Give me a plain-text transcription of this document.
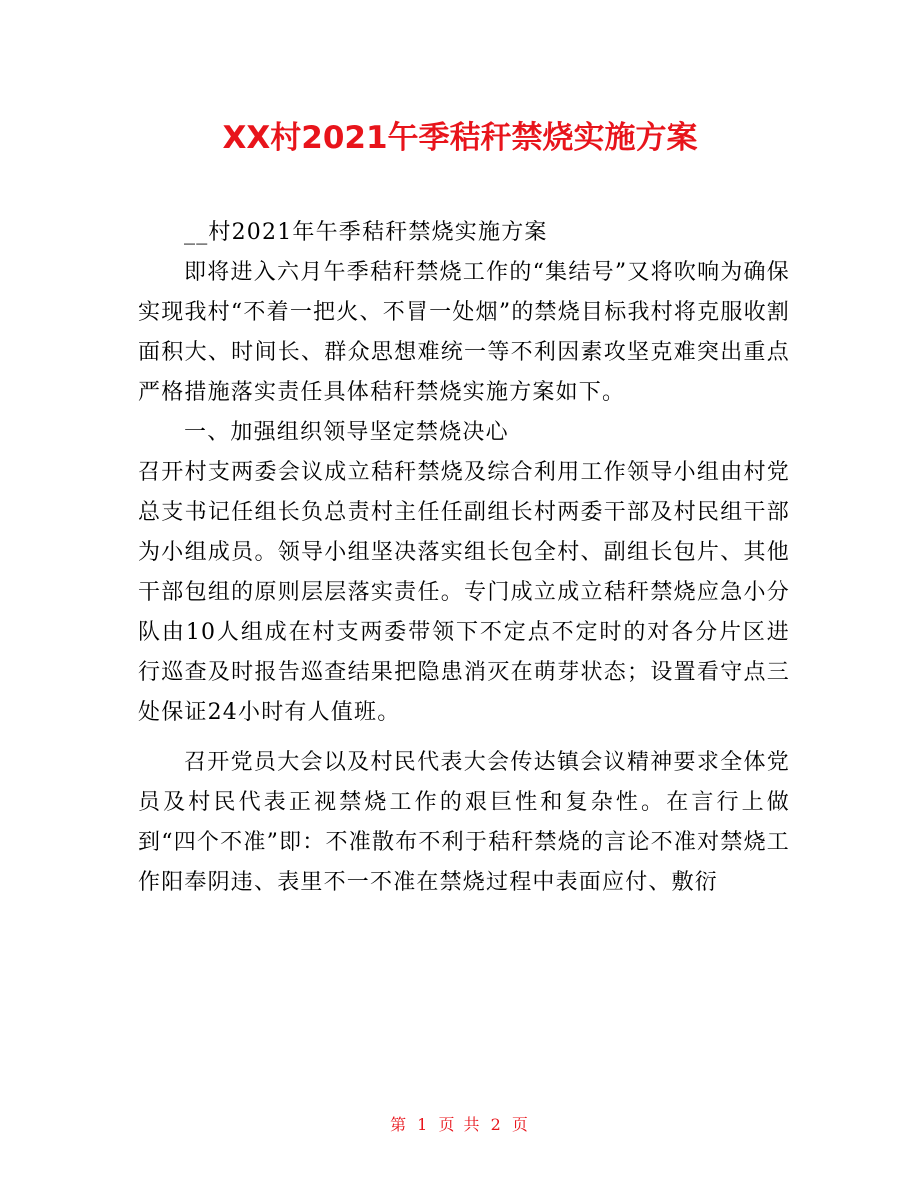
XX村2021午季秸秆禁烧实施方案

__村2021年午季秸秆禁烧实施方案

即将进入六月午季秸秆禁烧工作的“集结号”又将吹响为确保实现我村“不着一把火、不冒一处烟”的禁烧目标我村将克服收割面积大、时间长、群众思想难统一等不利因素攻坚克难突出重点严格措施落实责任具体秸秆禁烧实施方案如下。

一、加强组织领导坚定禁烧决心

召开村支两委会议成立秸秆禁烧及综合利用工作领导小组由村党总支书记任组长负总责村主任任副组长村两委干部及村民组干部为小组成员。领导小组坚决落实组长包全村、副组长包片、其他干部包组的原则层层落实责任。专门成立成立秸秆禁烧应急小分队由10人组成在村支两委带领下不定点不定时的对各分片区进行巡查及时报告巡查结果把隐患消灭在萌芽状态；设置看守点三处保证24小时有人值班。

召开党员大会以及村民代表大会传达镇会议精神要求全体党员及村民代表正视禁烧工作的艰巨性和复杂性。在言行上做到“四个不准”即：不准散布不利于秸秆禁烧的言论不准对禁烧工作阳奉阴违、表里不一不准在禁烧过程中表面应付、敷衍

第 1 页 共 2 页
